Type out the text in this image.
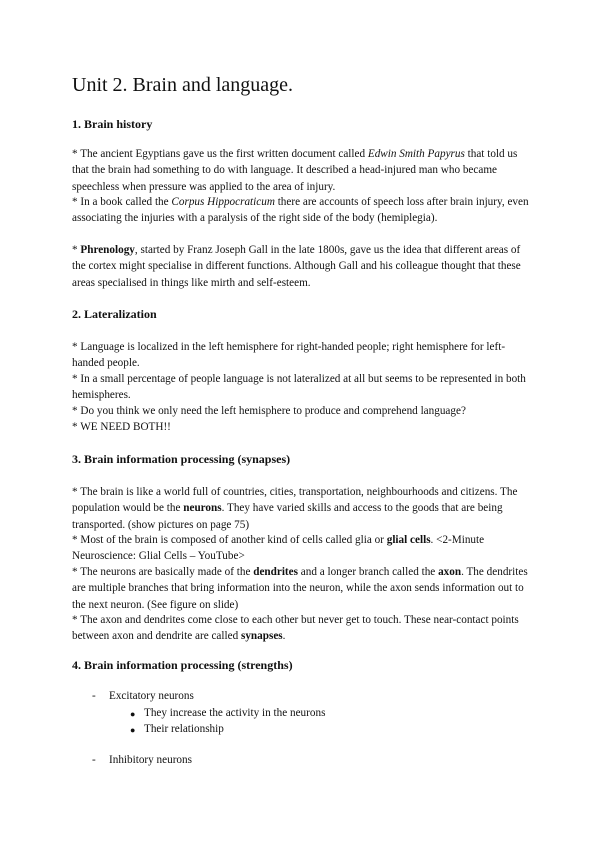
Unit 2. Brain and language.
1. Brain history

* The ancient Egyptians gave us the first written document called Edwin Smith Papyrus that told us that the brain had something to do with language. It described a head-injured man who became speechless when pressure was applied to the area of injury.

* In a book called the Corpus Hippocraticum there are accounts of speech loss after brain injury, even associating the injuries with a paralysis of the right side of the body (hemiplegia).

* Phrenology, started by Franz Joseph Gall in the late 1800s, gave us the idea that different areas of the cortex might specialise in different functions. Although Gall and his colleague thought that these areas specialised in things like mirth and self-esteem.

2. Lateralization

* Language is localized in the left hemisphere for right-handed people; right hemisphere for left-handed people.

* In a small percentage of people language is not lateralized at all but seems to be represented in both hemispheres.

* Do you think we only need the left hemisphere to produce and comprehend language?

* WE NEED BOTH!!

3. Brain information processing (synapses)

* The brain is like a world full of countries, cities, transportation, neighbourhoods and citizens. The population would be the neurons. They have varied skills and access to the goods that are being transported. (show pictures on page 75)

* Most of the brain is composed of another kind of cells called glia or glial cells. <2-Minute Neuroscience: Glial Cells – YouTube>

* The neurons are basically made of the dendrites and a longer branch called the axon. The dendrites are multiple branches that bring information into the neuron, while the axon sends information out to the next neuron. (See figure on slide)

* The axon and dendrites come close to each other but never get to touch. These near-contact points between axon and dendrite are called synapses.

4. Brain information processing (strengths)
- Excitatory neurons
● They increase the activity in the neurons
● Their relationship
- Inhibitory neurons
